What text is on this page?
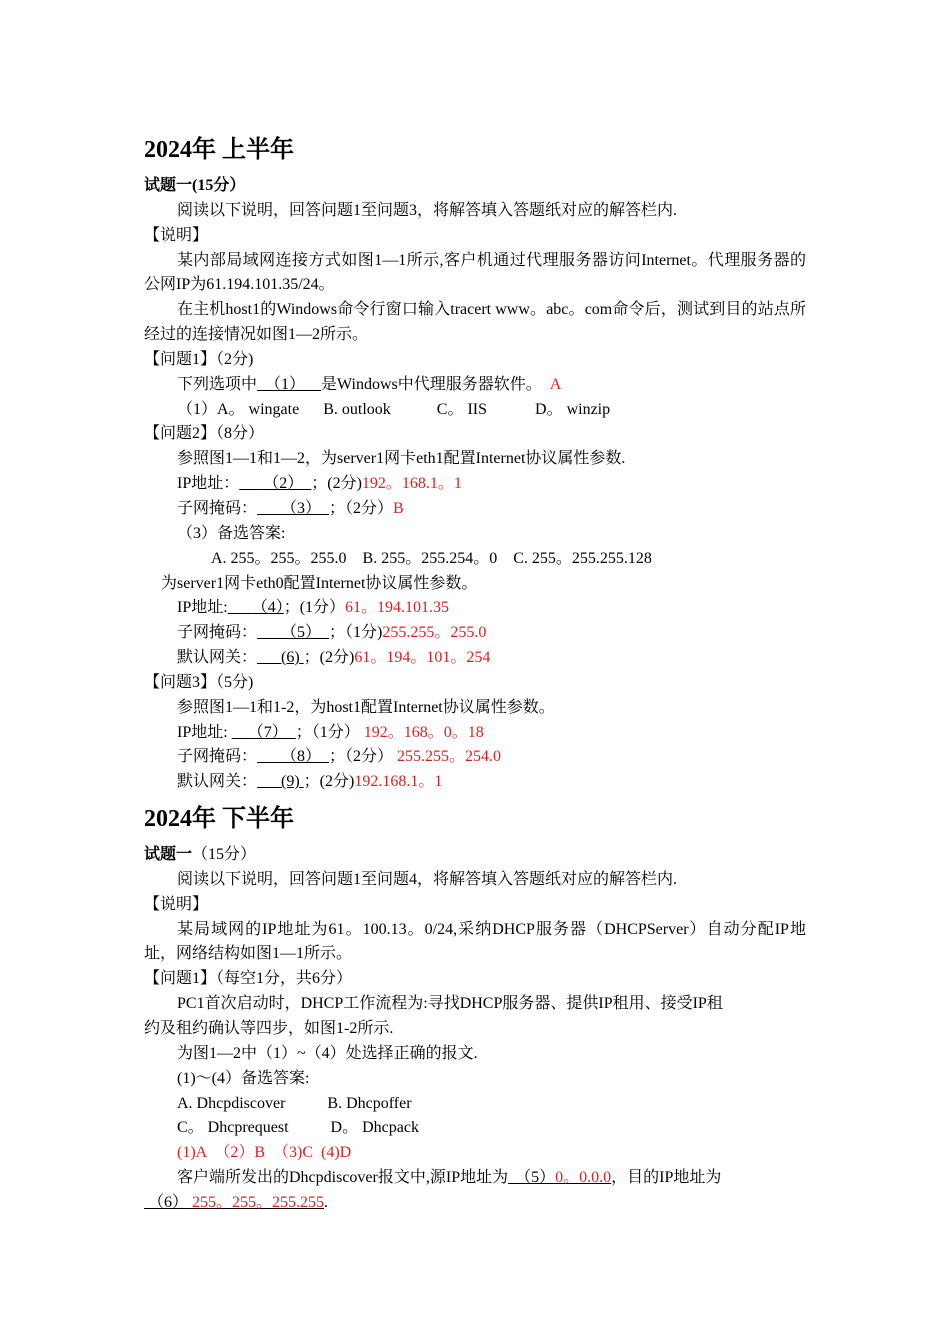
2024年 上半年
试题一(15分）
阅读以下说明，回答问题1至问题3，将解答填入答题纸对应的解答栏内.
【说明】
某内部局域网连接方式如图1—1所示,客户机通过代理服务器访问Internet。代理服务器的公网IP为61.194.101.35/24。
在主机host1的Windows命令行窗口输入tracert www。abc。com命令后，测试到目的站点所经过的连接情况如图1—2所示。
【问题1】（2分)
下列选项中 （1） 是Windows中代理服务器软件。 A
（1）A。 wingate B. outlook	C。 IIS	D。 winzip
【问题2】（8分）
参照图1—1和1—2，为server1网卡eth1配置Internet协议属性参数.
IP地址： （2） ；(2分)192。168.1。1
子网掩码： （3） ；（2分）B
（3）备选答案:
A. 255。255。255.0    B. 255。255.254。0    C. 255。255.255.128
为server1网卡eth0配置Internet协议属性参数。
IP地址: （4）；(1分）61。194.101.35
子网掩码： （5） ；（1分)255.255。255.0
默认网关： (6) ；(2分)61。194。101。254
【问题3】（5分)
参照图1—1和1-2，为host1配置Internet协议属性参数。
IP地址:     （7） ；（1分） 192。168。0。18
子网掩码： （8） ；（2分） 255.255。254.0
默认网关： (9) ；(2分)192.168.1。1
2024年 下半年
试题一（15分）
阅读以下说明，回答问题1至问题4，将解答填入答题纸对应的解答栏内.
【说明】
某局域网的IP地址为61。100.13。0/24,采纳DHCP服务器（DHCPServer）自动分配IP地址，网络结构如图1—1所示。
【问题1】（每空1分，共6分）
PC1首次启动时，DHCP工作流程为:寻找DHCP服务器、提供IP租用、接受IP租
约及租约确认等四步，如图1-2所示.
为图1—2中（1）~（4）处选择正确的报文.
(1)～(4）备选答案:
A. Dhcpdiscover	B. Dhcpoffer
C。 Dhcprequest	D。 Dhcpack
(1)A  （2）B  （3)C  (4)D
客户端所发出的Dhcpdiscover报文中,源IP地址为 （5）0。0.0.0，目的IP地址为
（6） 255。255。255.255.
